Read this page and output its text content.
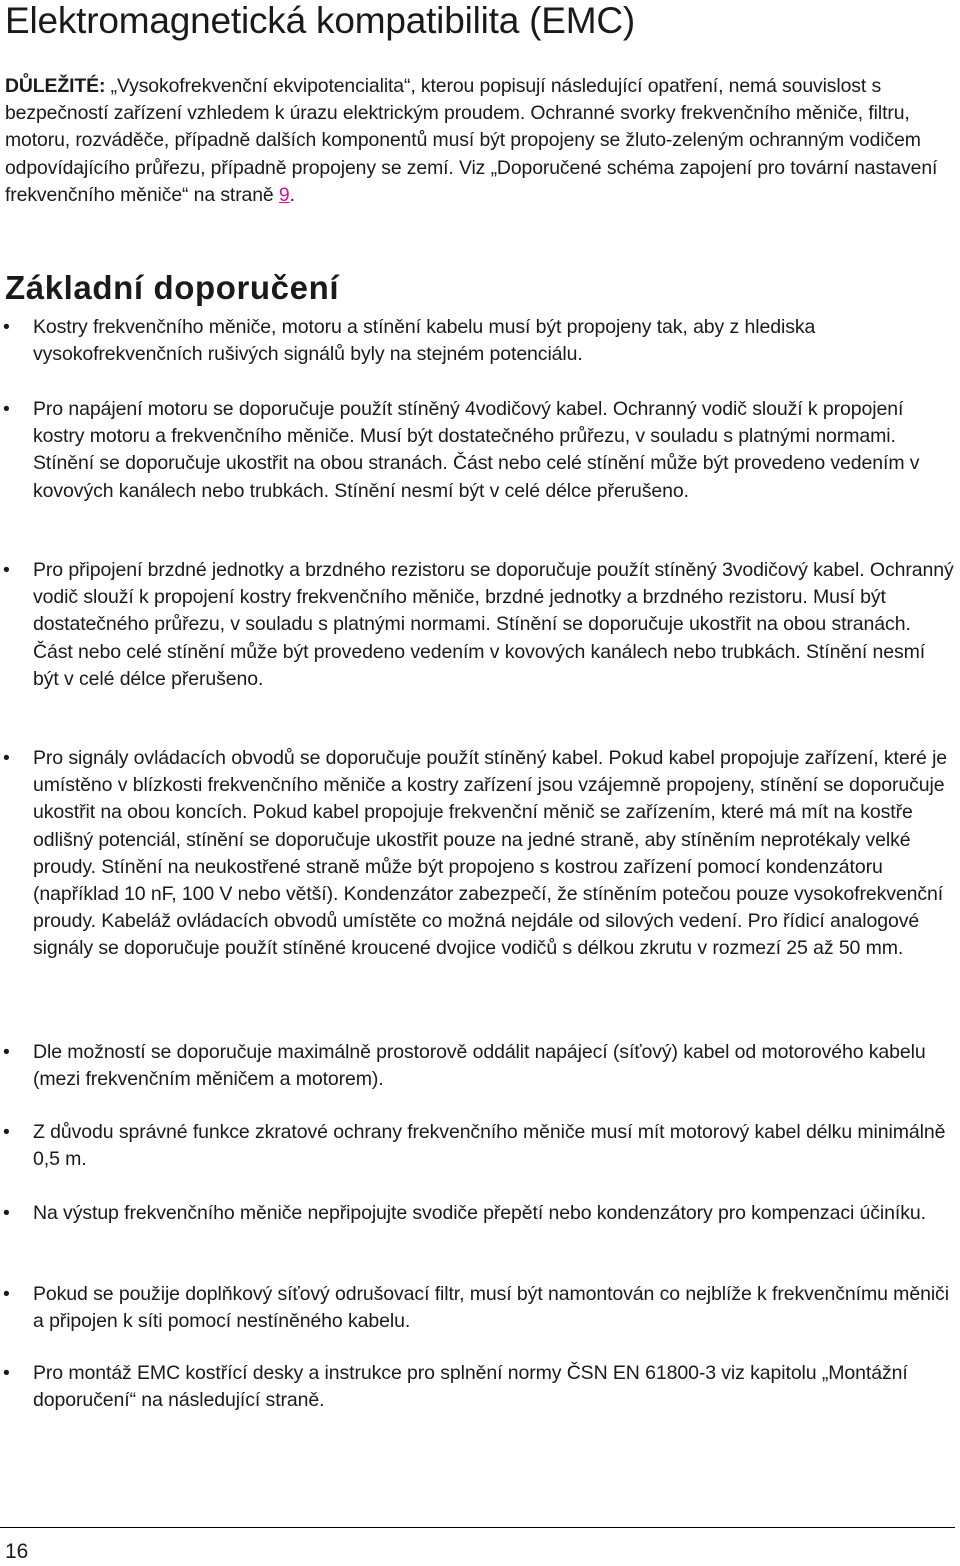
Elektromagnetická kompatibilita (EMC)

DŮLEŽITÉ: „Vysokofrekvenční ekvipotencialita“, kterou popisují následující opatření, nemá souvislost s bezpečností zařízení vzhledem k úrazu elektrickým proudem. Ochranné svorky frekvenčního měniče, filtru, motoru, rozváděče, případně dalších komponentů musí být propojeny se žluto-zeleným ochranným vodičem odpovídajícího průřezu, případně propojeny se zemí. Viz „Doporučené schéma zapojení pro tovární nastavení frekvenčního měniče“ na straně 9.

Základní doporučení
• Kostry frekvenčního měniče, motoru a stínění kabelu musí být propojeny tak, aby z hlediska vysokofrekvenčních rušivých signálů byly na stejném potenciálu.
• Pro napájení motoru se doporučuje použít stíněný 4vodičový kabel. Ochranný vodič slouží k propojení kostry motoru a frekvenčního měniče. Musí být dostatečného průřezu, v souladu s platnými normami. Stínění se doporučuje ukostřit na obou stranách. Část nebo celé stínění může být provedeno vedením v kovových kanálech nebo trubkách. Stínění nesmí být v celé délce přerušeno.
• Pro připojení brzdné jednotky a brzdného rezistoru se doporučuje použít stíněný 3vodičový kabel. Ochranný vodič slouží k propojení kostry frekvenčního měniče, brzdné jednotky a brzdného rezistoru. Musí být dostatečného průřezu, v souladu s platnými normami. Stínění se doporučuje ukostřit na obou stranách. Část nebo celé stínění může být provedeno vedením v kovových kanálech nebo trubkách. Stínění nesmí být v celé délce přerušeno.
• Pro signály ovládacích obvodů se doporučuje použít stíněný kabel. Pokud kabel propojuje zařízení, které je umístěno v blízkosti frekvenčního měniče a kostry zařízení jsou vzájemně propojeny, stínění se doporučuje ukostřit na obou koncích. Pokud kabel propojuje frekvenční měnič se zařízením, které má mít na kostře odlišný potenciál, stínění se doporučuje ukostřit pouze na jedné straně, aby stíněním neprotékaly velké proudy. Stínění na neukostřené straně může být propojeno s kostrou zařízení pomocí kondenzátoru (například 10 nF, 100 V nebo větší). Kondenzátor zabezpečí, že stíněním potečou pouze vysokofrekvenční proudy. Kabeláž ovládacích obvodů umístěte co možná nejdále od silových vedení. Pro řídicí analogové signály se doporučuje použít stíněné kroucené dvojice vodičů s délkou zkrutu v rozmezí 25 až 50 mm.
• Dle možností se doporučuje maximálně prostorově oddálit napájecí (síťový) kabel od motorového kabelu (mezi frekvenčním měničem a motorem).
• Z důvodu správné funkce zkratové ochrany frekvenčního měniče musí mít motorový kabel délku minimálně 0,5 m.
• Na výstup frekvenčního měniče nepřipojujte svodiče přepětí nebo kondenzátory pro kompenzaci účiníku.
• Pokud se použije doplňkový síťový odrušovací filtr, musí být namontován co nejblíže k frekvenčnímu měniči a připojen k síti pomocí nestíněného kabelu.
• Pro montáž EMC kostřící desky a instrukce pro splnění normy ČSN EN 61800-3 viz kapitolu „Montážní doporučení“ na následující straně.
16
